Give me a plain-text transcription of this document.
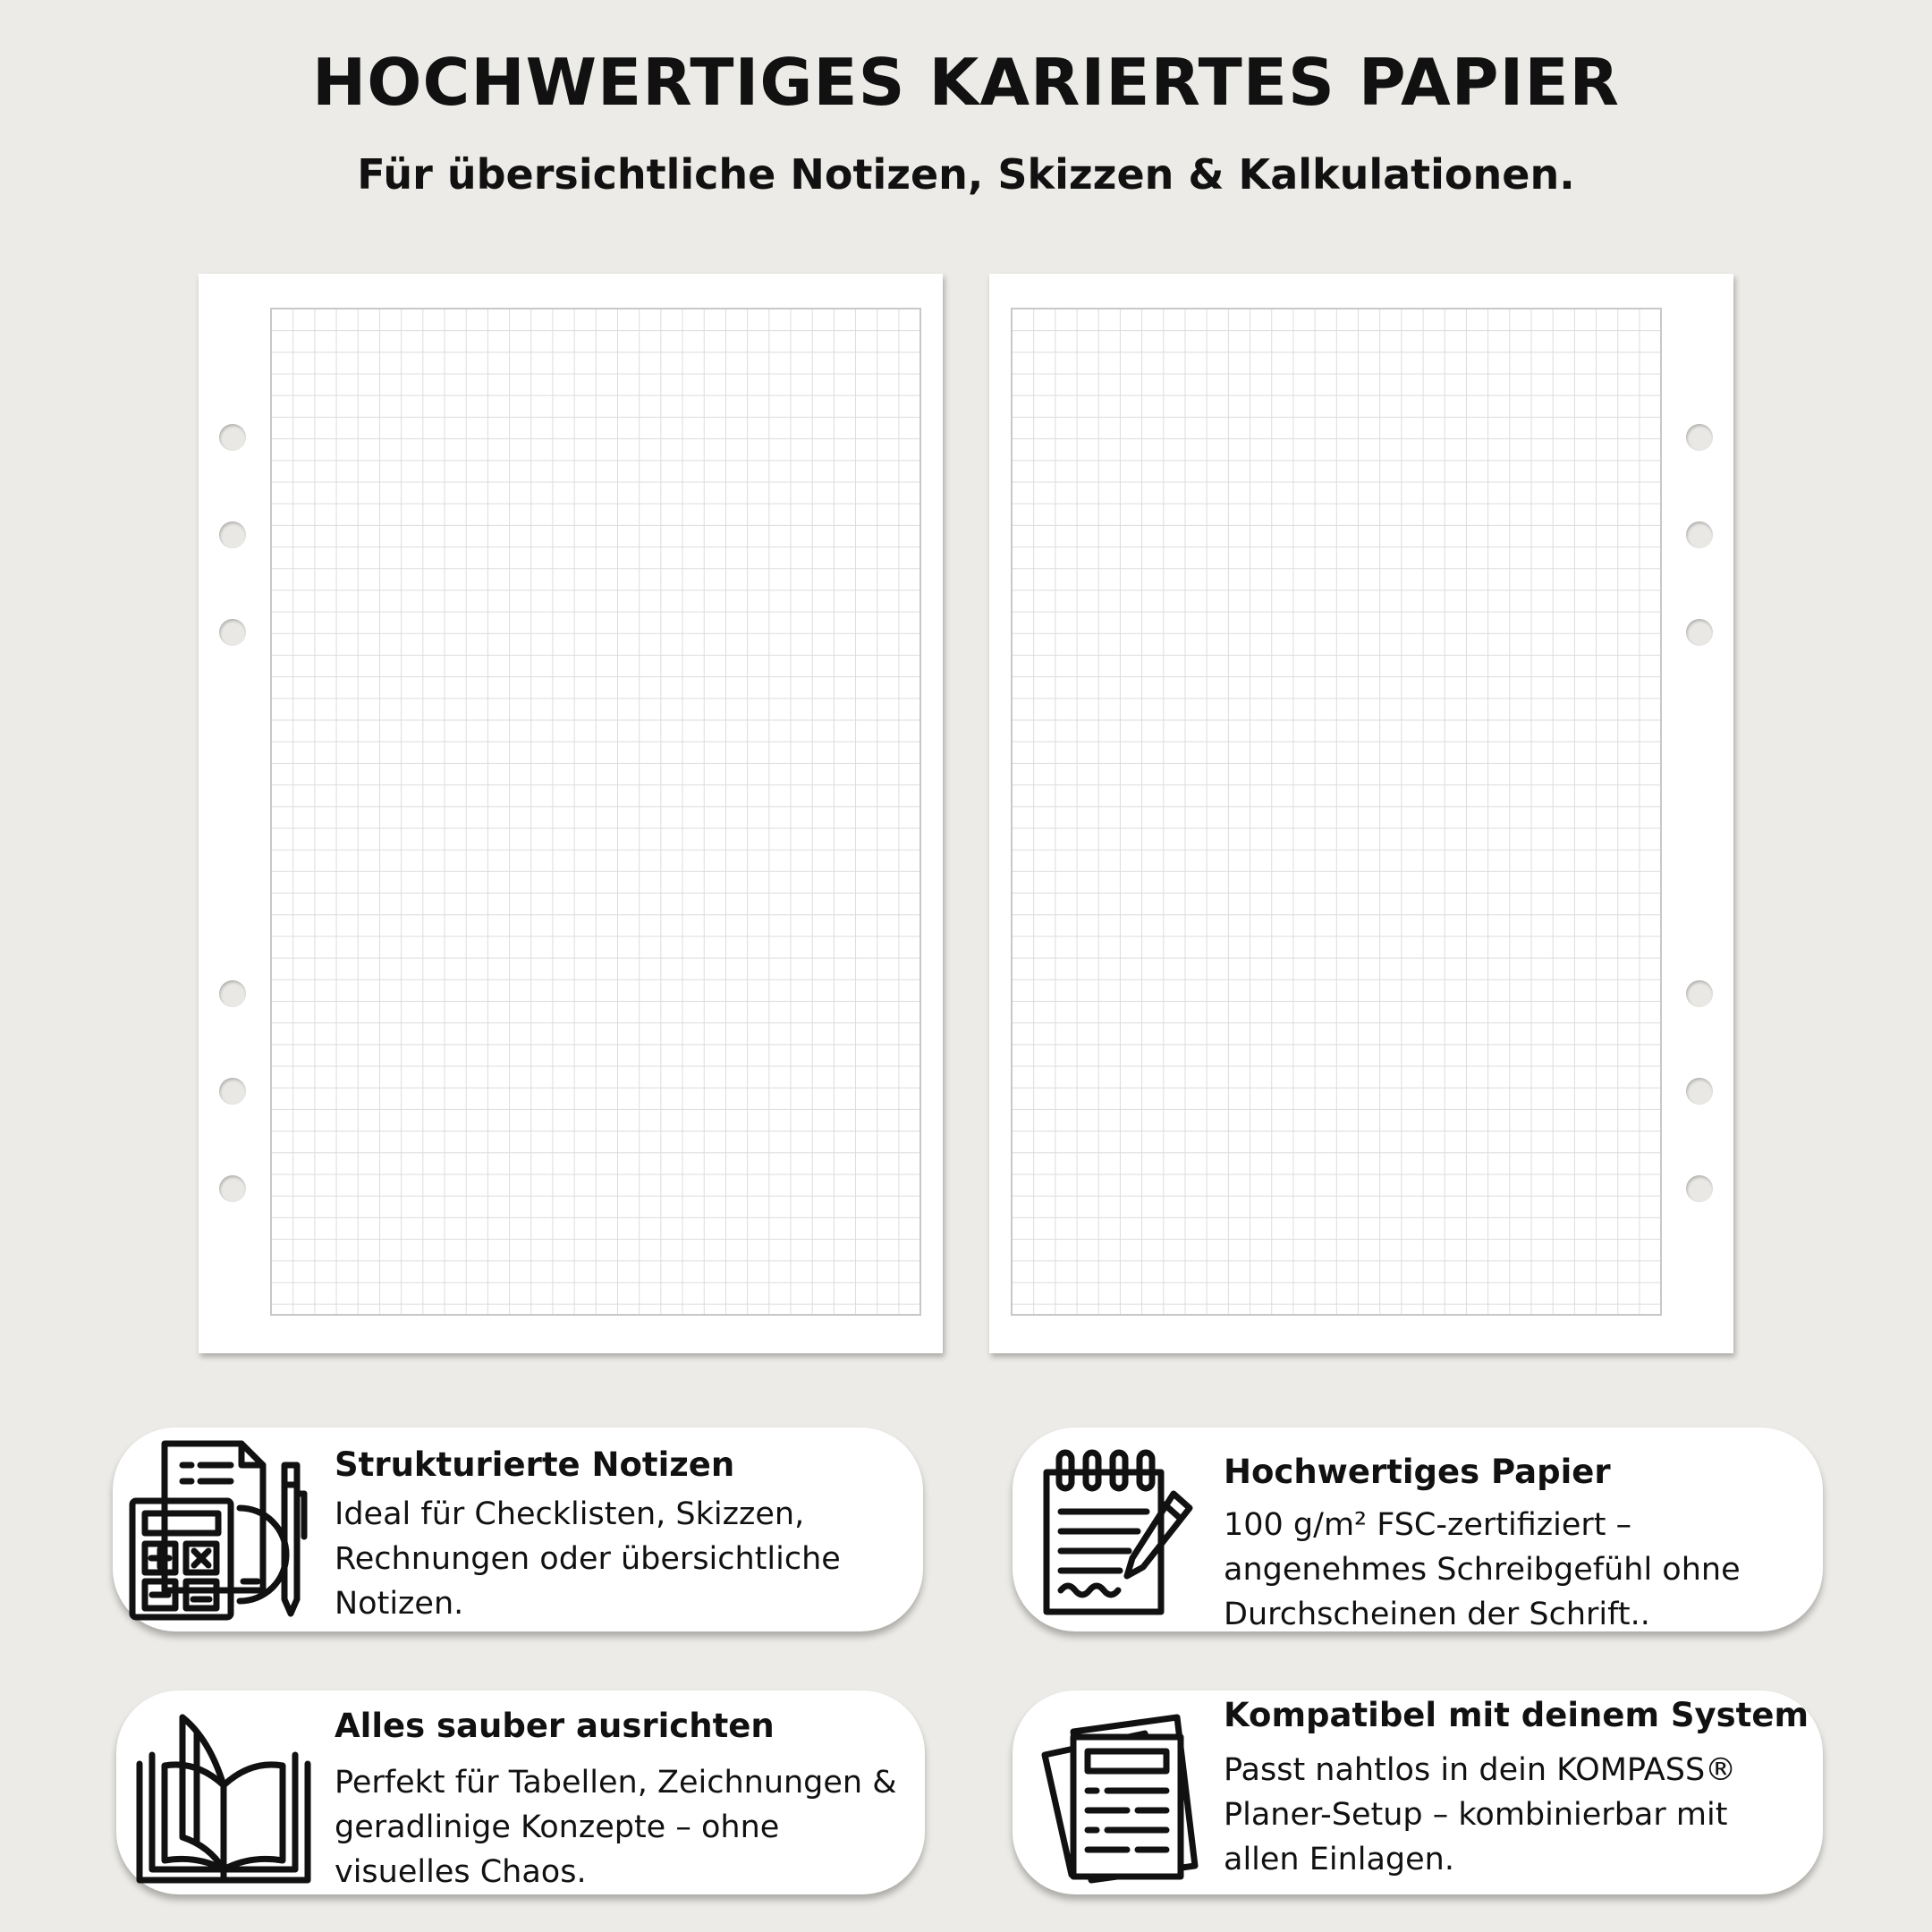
HOCHWERTIGES KARIERTES PAPIER
Für übersichtliche Notizen, Skizzen & Kalkulationen.

Strukturierte Notizen

Ideal für Checklisten, Skizzen,
Rechnungen oder übersichtliche
Notizen.

Hochwertiges Papier

100 g/m² FSC-zertifiziert –
angenehmes Schreibgefühl ohne
Durchscheinen der Schrift..

Alles sauber ausrichten

Perfekt für Tabellen, Zeichnungen &
geradlinige Konzepte – ohne
visuelles Chaos.

Kompatibel mit deinem System

Passt nahtlos in dein KOMPASS®
Planer-Setup – kombinierbar mit
allen Einlagen.
